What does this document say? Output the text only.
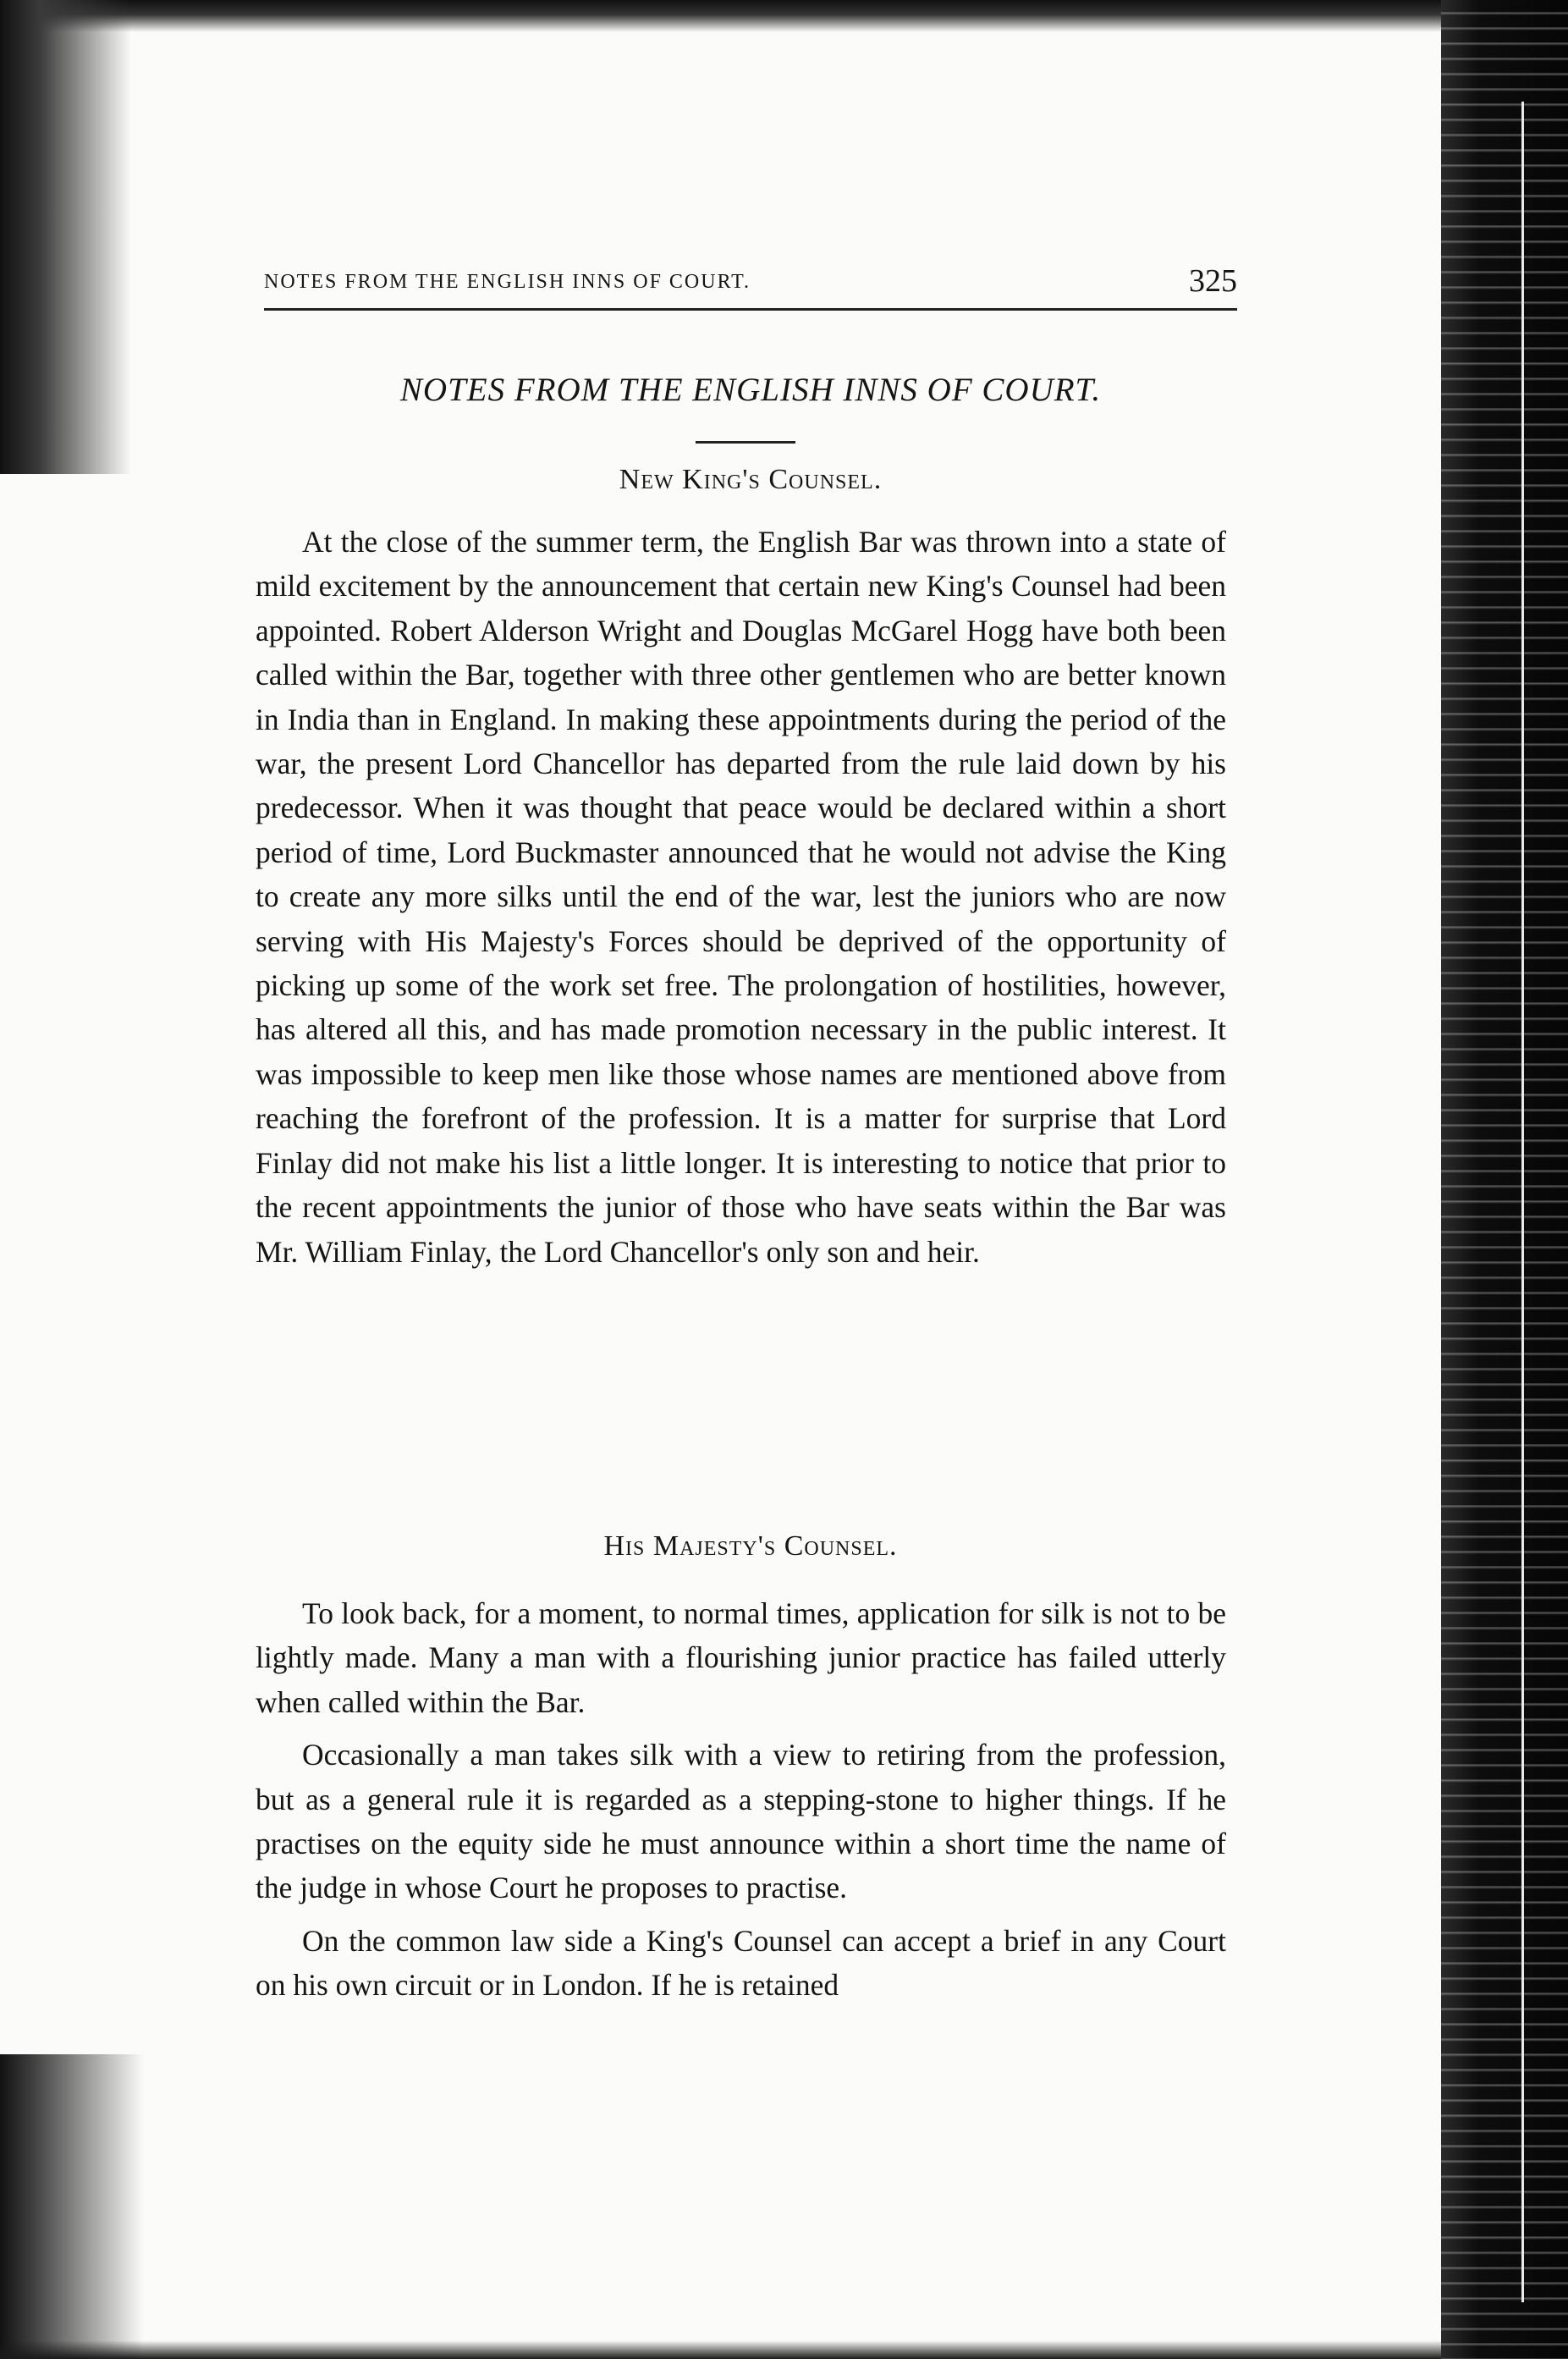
NOTES FROM THE ENGLISH INNS OF COURT.	325
NOTES FROM THE ENGLISH INNS OF COURT.
New King's Counsel.

At the close of the summer term, the English Bar was thrown into a state of mild excitement by the announcement that certain new King's Counsel had been appointed. Robert Alderson Wright and Douglas McGarel Hogg have both been called within the Bar, together with three other gentlemen who are better known in India than in England. In making these appointments during the period of the war, the present Lord Chancellor has departed from the rule laid down by his predecessor. When it was thought that peace would be declared within a short period of time, Lord Buckmaster announced that he would not advise the King to create any more silks until the end of the war, lest the juniors who are now serving with His Majesty's Forces should be deprived of the opportunity of picking up some of the work set free. The prolongation of hostilities, however, has altered all this, and has made promotion necessary in the public interest. It was impossible to keep men like those whose names are mentioned above from reaching the forefront of the profession. It is a matter for surprise that Lord Finlay did not make his list a little longer. It is interesting to notice that prior to the recent appointments the junior of those who have seats within the Bar was Mr. William Finlay, the Lord Chancellor's only son and heir.

His Majesty's Counsel.

To look back, for a moment, to normal times, application for silk is not to be lightly made. Many a man with a flourishing junior practice has failed utterly when called within the Bar.

Occasionally a man takes silk with a view to retiring from the profession, but as a general rule it is regarded as a stepping-stone to higher things. If he practises on the equity side he must announce within a short time the name of the judge in whose Court he proposes to practise.

On the common law side a King's Counsel can accept a brief in any Court on his own circuit or in London. If he is retained
